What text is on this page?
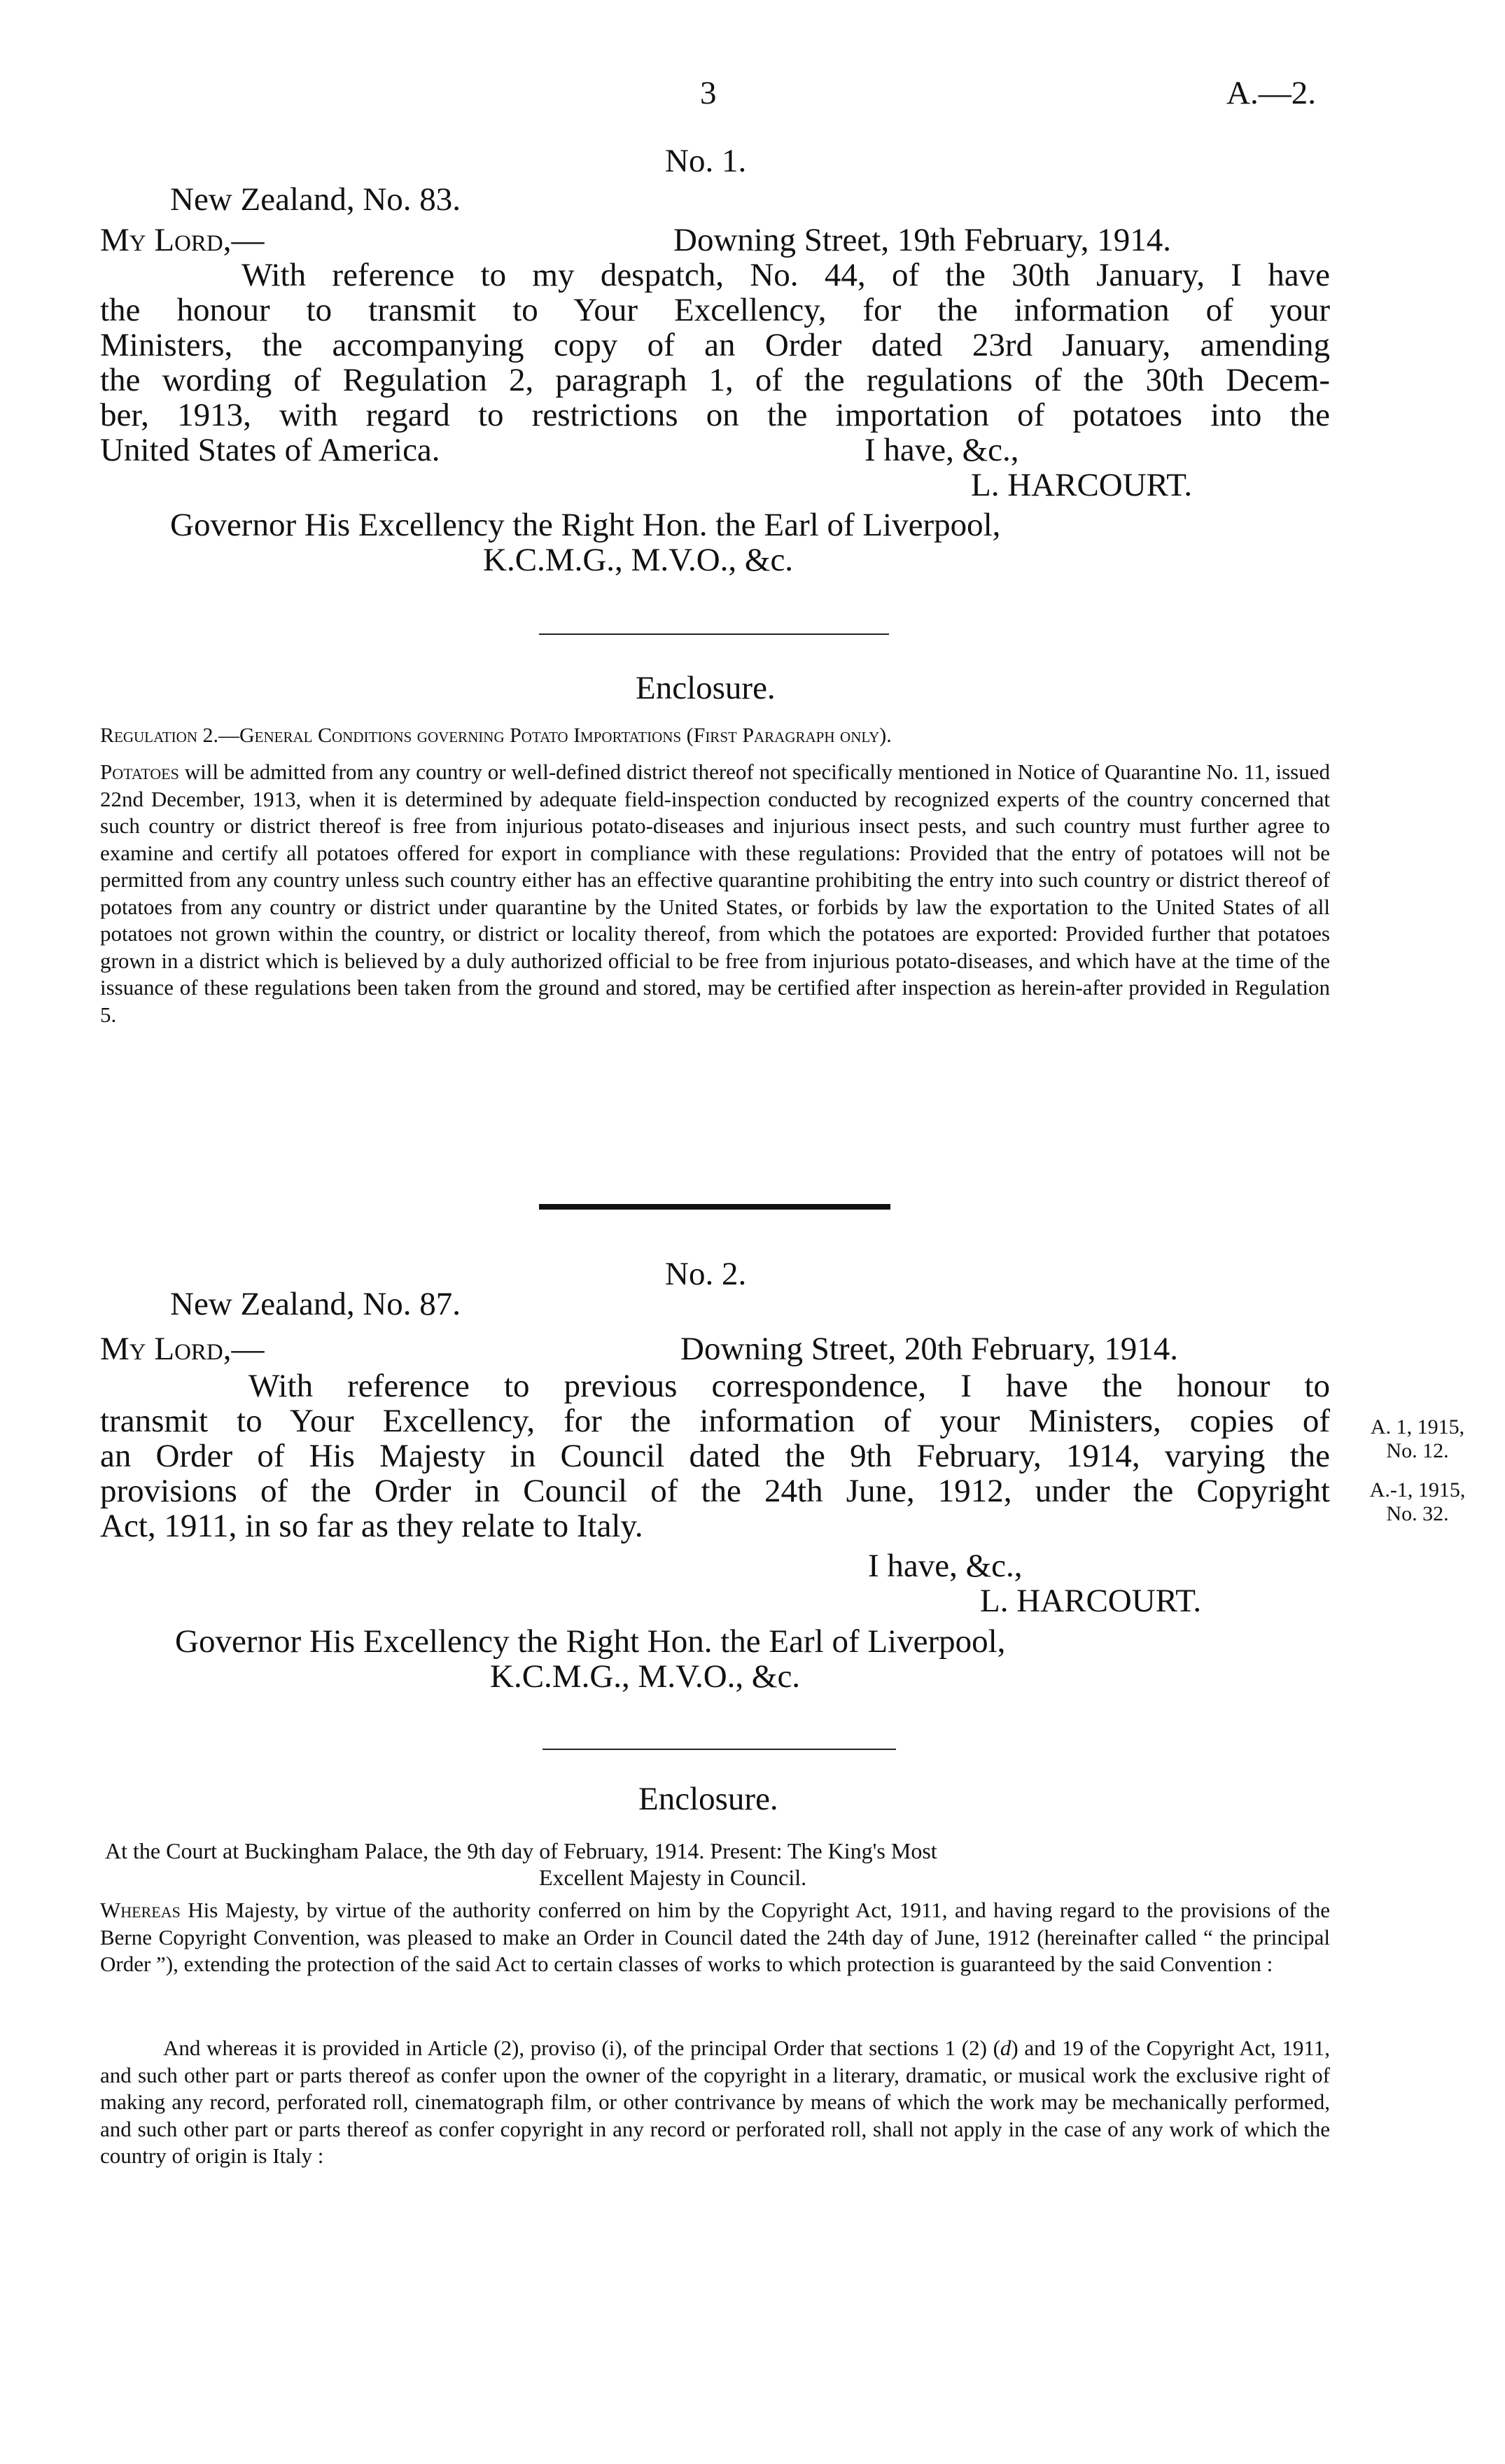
3	A.—2.
No. 1.
New Zealand, No. 83.
My Lord,—	Downing Street, 19th February, 1914.
With reference to my despatch, No. 44, of the 30th January, I have
the honour to transmit to Your Excellency, for the information of your
Ministers, the accompanying copy of an Order dated 23rd January, amending
the wording of Regulation 2, paragraph 1, of the regulations of the 30th Decem-
ber, 1913, with regard to restrictions on the importation of potatoes into the
United States of America.	I have, &c.,
L. HARCOURT.
Governor His Excellency the Right Hon. the Earl of Liverpool,
K.C.M.G., M.V.O., &c.
Enclosure.
Regulation 2.—General Conditions governing Potato Importations (First Paragraph only).
Potatoes will be admitted from any country or well-defined district thereof not specifically mentioned in Notice of Quarantine No. 11, issued 22nd December, 1913, when it is determined by adequate field-inspection conducted by recognized experts of the country concerned that such country or district thereof is free from injurious potato-diseases and injurious insect pests, and such country must further agree to examine and certify all potatoes offered for export in compliance with these regulations: Provided that the entry of potatoes will not be permitted from any country unless such country either has an effective quarantine prohibiting the entry into such country or district thereof of potatoes from any country or district under quarantine by the United States, or forbids by law the exportation to the United States of all potatoes not grown within the country, or district or locality thereof, from which the potatoes are exported: Provided further that potatoes grown in a district which is believed by a duly authorized official to be free from injurious potato-diseases, and which have at the time of the issuance of these regulations been taken from the ground and stored, may be certified after inspection as herein-after provided in Regulation 5.
No. 2.
New Zealand, No. 87.
My Lord,—	Downing Street, 20th February, 1914.
With reference to previous correspondence, I have the honour to
transmit to Your Excellency, for the information of your Ministers, copies of
an Order of His Majesty in Council dated the 9th February, 1914, varying the
provisions of the Order in Council of the 24th June, 1912, under the Copyright
Act, 1911, in so far as they relate to Italy.
A. 1, 1915,
No. 12.
A.-1, 1915,
No. 32.
I have, &c.,
L. HARCOURT.
Governor His Excellency the Right Hon. the Earl of Liverpool,
K.C.M.G., M.V.O., &c.
Enclosure.
At the Court at Buckingham Palace, the 9th day of February, 1914. Present: The King's Most
Excellent Majesty in Council.
Whereas His Majesty, by virtue of the authority conferred on him by the Copyright Act, 1911, and having regard to the provisions of the Berne Copyright Convention, was pleased to make an Order in Council dated the 24th day of June, 1912 (hereinafter called “ the principal Order ”), extending the protection of the said Act to certain classes of works to which protection is guaranteed by the said Convention :
And whereas it is provided in Article (2), proviso (i), of the principal Order that sections 1 (2) (d) and 19 of the Copyright Act, 1911, and such other part or parts thereof as confer upon the owner of the copyright in a literary, dramatic, or musical work the exclusive right of making any record, perforated roll, cinematograph film, or other contrivance by means of which the work may be mechanically performed, and such other part or parts thereof as confer copyright in any record or perforated roll, shall not apply in the case of any work of which the country of origin is Italy :
